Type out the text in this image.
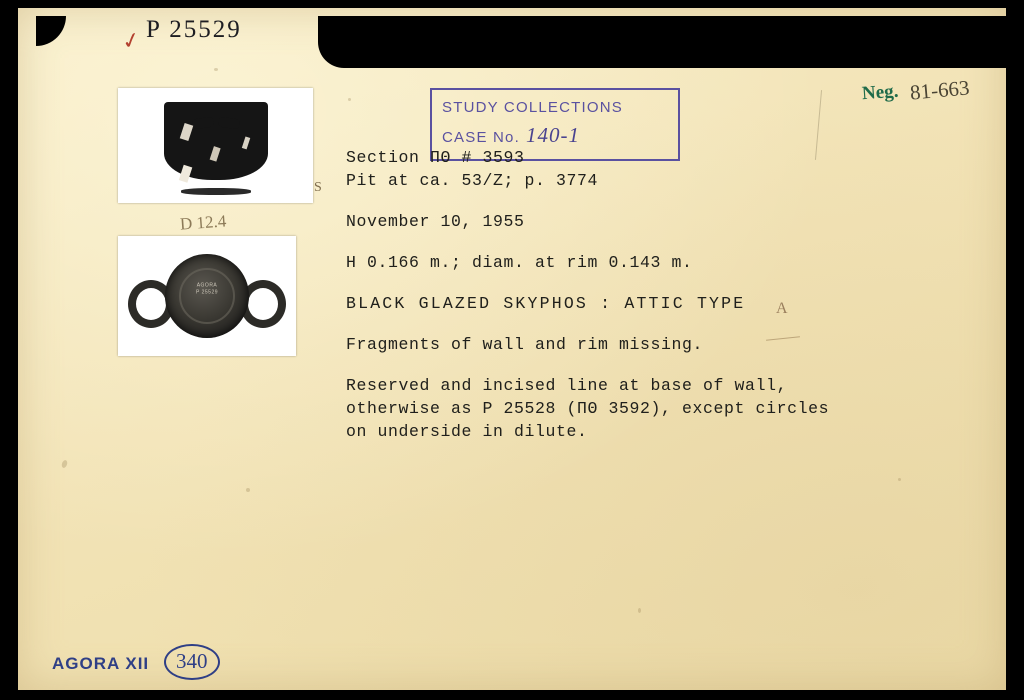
✓ P 25529
D 12.4
S
AGORA
P 25529
STUDY COLLECTIONS
CASE No. 140-1
Neg. 81-663

Section ΠΘ # 3593

Pit at ca. 53/Z; p. 3774

November 10, 1955

H 0.166 m.; diam. at rim 0.143 m.

BLACK GLAZED SKYPHOS : ATTIC TYPE

Fragments of wall and rim missing.

Reserved and incised line at base of wall,

otherwise as P 25528 (ΠΘ 3592), except circles

on underside in dilute.

A
AGORA XII	340
